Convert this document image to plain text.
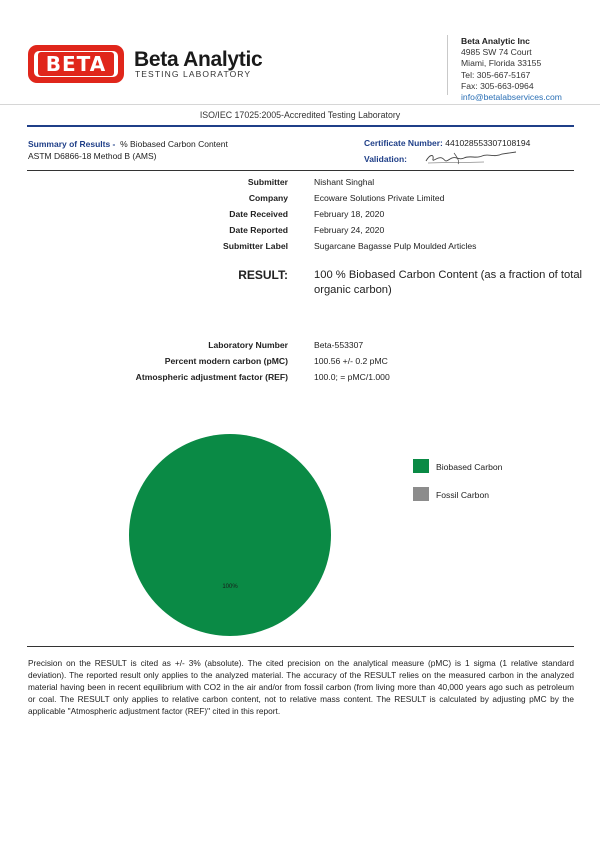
BETA	Beta Analytic
TESTING LABORATORY
Beta Analytic Inc
4985 SW 74 Court
Miami, Florida 33155
Tel: 305-667-5167
Fax: 305-663-0964
info@betalabservices.com
ISO/IEC 17025:2005-Accredited Testing Laboratory
Summary of Results - % Biobased Carbon Content
ASTM D6866-18 Method B (AMS)
Certificate Number: 441028553307108194
Validation:
Submitter	Nishant Singhal
Company	Ecoware Solutions Private Limited
Date Received	February 18, 2020
Date Reported	February 24, 2020
Submitter Label	Sugarcane Bagasse Pulp Moulded Articles
RESULT: 100 % Biobased Carbon Content (as a fraction of total organic carbon)
Laboratory Number	Beta-553307
Percent modern carbon (pMC)	100.56 +/- 0.2 pMC
Atmospheric adjustment factor (REF)	100.0; = pMC/1.000
100%
Biobased Carbon
Fossil Carbon
Precision on the RESULT is cited as +/- 3% (absolute). The cited precision on the analytical measure (pMC) is 1 sigma (1 relative standard deviation). The reported result only applies to the analyzed material. The accuracy of the RESULT relies on the measured carbon in the analyzed material having been in recent equilibrium with CO2 in the air and/or from fossil carbon (from living more than 40,000 years ago such as petroleum or coal. The RESULT only applies to relative carbon content, not to relative mass content. The RESULT is calculated by adjusting pMC by the applicable "Atmospheric adjustment factor (REF)" cited in this report.
